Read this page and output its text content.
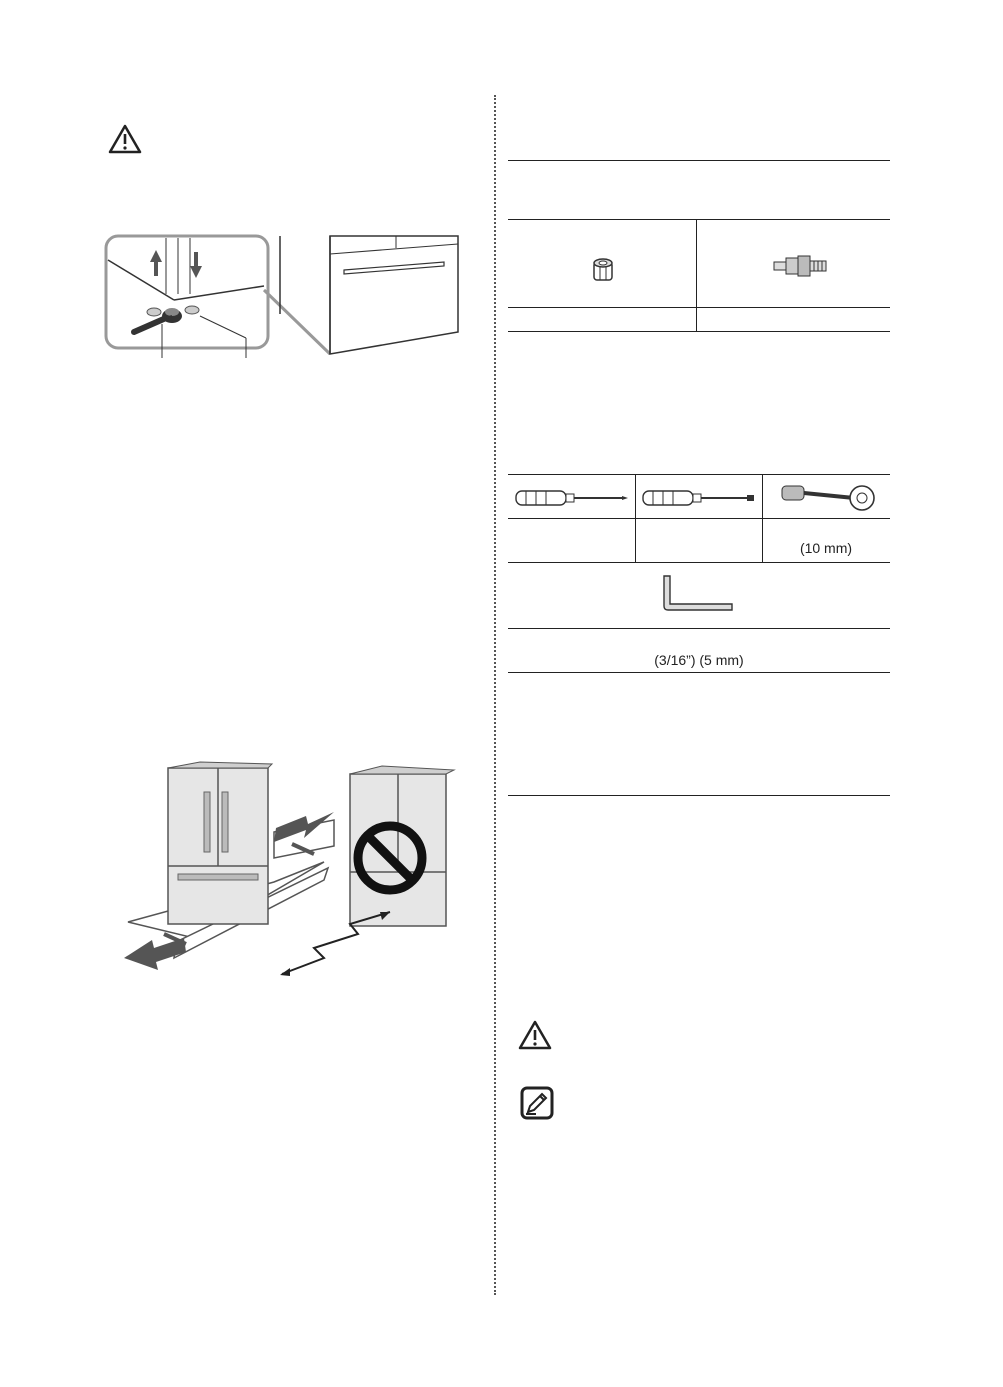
(10 mm)
(3/16”) (5 mm)
